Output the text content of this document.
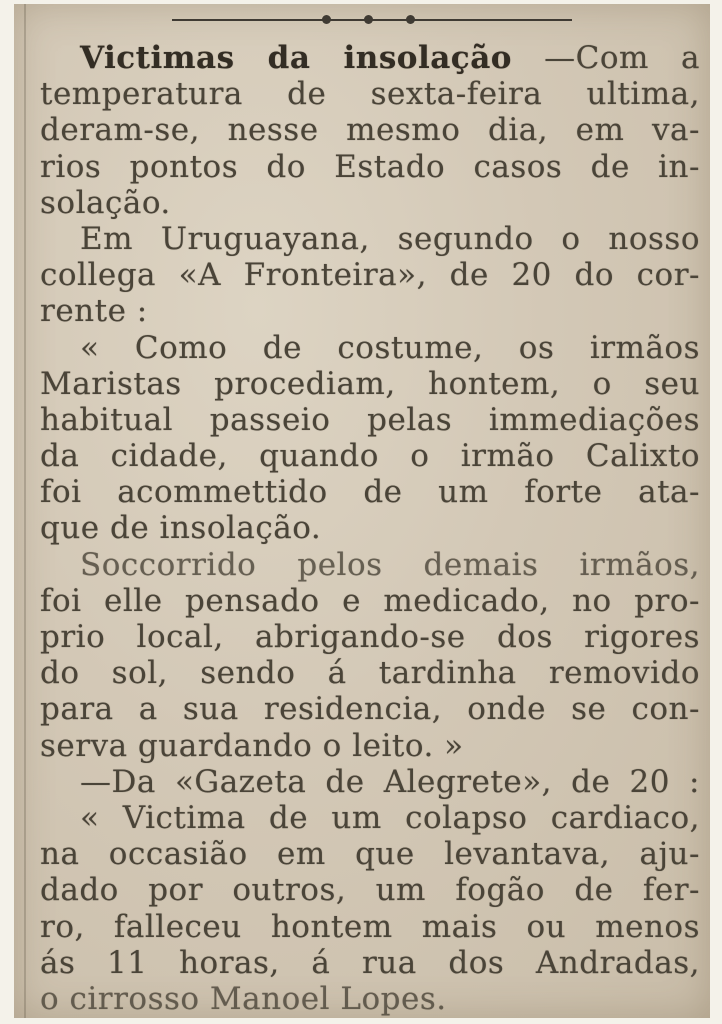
Victimas da insolação —Com a
temperatura de sexta-feira ultima,
deram-se, nesse mesmo dia, em va-
rios pontos do Estado casos de in-
solação.
Em Uruguayana, segundo o nosso
collega «A Fronteira», de 20 do cor-
rente :
« Como de costume, os irmãos
Maristas procediam, hontem, o seu
habitual passeio pelas immediações
da cidade, quando o irmão Calixto
foi acommettido de um forte ata-
que de insolação.
Soccorrido pelos demais irmãos,
foi elle pensado e medicado, no pro-
prio local, abrigando-se dos rigores
do sol, sendo á tardinha removido
para a sua residencia, onde se con-
serva guardando o leito. »
—Da «Gazeta de Alegrete», de 20 :
« Victima de um colapso cardiaco,
na occasião em que levantava, aju-
dado por outros, um fogão de fer-
ro, falleceu hontem mais ou menos
ás 11 horas, á rua dos Andradas,
o cirrosso Manoel Lopes.
